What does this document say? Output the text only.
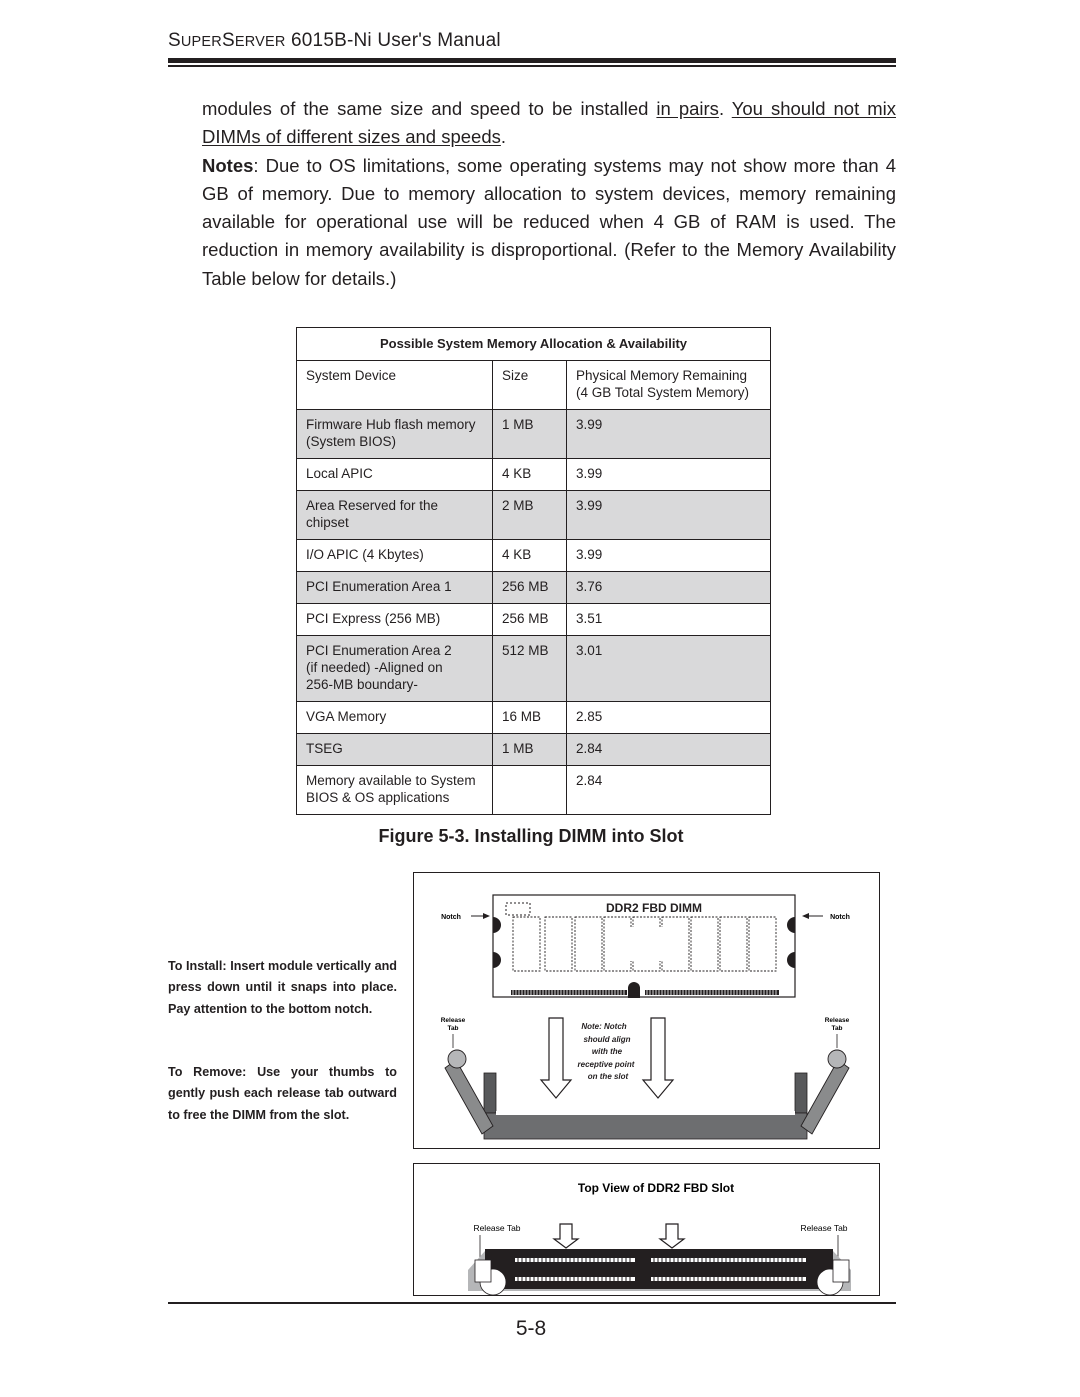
SUPERSERVER 6015B-Ni User's Manual

modules of the same size and speed to be installed in pairs. You should not mix DIMMs of different sizes and speeds.

Notes: Due to OS limitations, some operating systems may not show more than 4 GB of memory. Due to memory allocation to system devices, memory remaining available for operational use will be reduced when 4 GB of RAM is used. The reduction in memory availability is disproportional. (Refer to the Memory Availability Table below for details.)

Possible System Memory Allocation & Availability		
System Device	Size	Physical Memory Remaining
(4 GB Total System Memory)

Firmware Hub flash memory
(System BIOS)	1 MB	3.99
Local APIC	4 KB	3.99

Area Reserved for the
chipset	2 MB	3.99
I/O APIC (4 Kbytes)	4 KB	3.99
PCI Enumeration Area 1	256 MB	3.76
PCI Express (256 MB)	256 MB	3.51

PCI Enumeration Area 2
(if needed) -Aligned on
256-MB boundary-	512 MB	3.01
VGA Memory	16 MB	2.85
TSEG	1 MB	2.84

Memory available to System
BIOS & OS applications		2.84
Figure 5-3. Installing DIMM into Slot

To Install: Insert module vertically and press down until it snaps into place. Pay attention to the bottom notch.

To Remove: Use your thumbs to gently push each release tab outward to free the DIMM from the slot.

DDR2 FBD DIMM
Notch	Notch
Release
Tab
Release
Tab
Note: Notch
should align
with the
receptive point
on the slot
Top View of DDR2 FBD Slot
Release Tab	Release Tab
5-8
